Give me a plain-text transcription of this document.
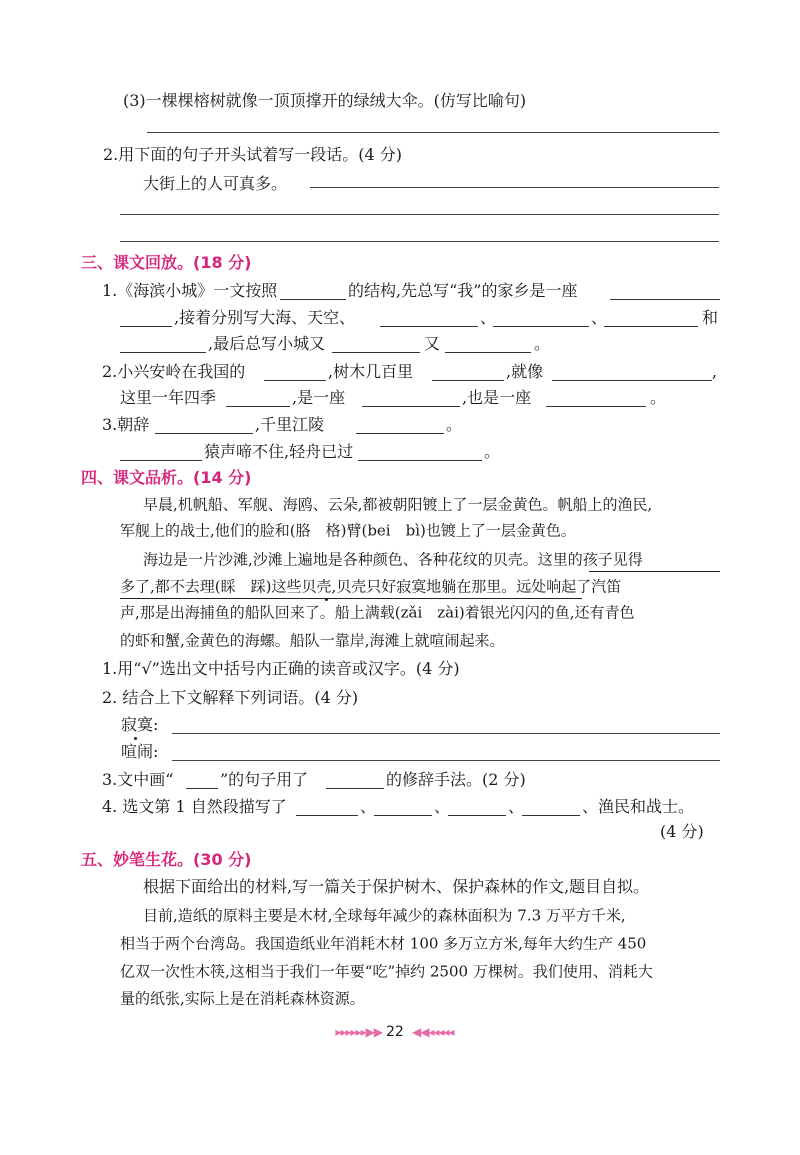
(3)一棵棵榕树就像一顶顶撑开的绿绒大伞。(仿写比喻句)
2.用下面的句子开头试着写一段话。(4 分)
大街上的人可真多。
三、课文回放。(18 分)
1.《海滨小城》一文按照	的结构,先总写“我”的家乡是一座
,接着分别写大海、天空、	、	、	和
,最后总写小城又	又	。
2.小兴安岭在我国的	,树木几百里	,就像	,
这里一年四季	,是一座	,也是一座	。
3.朝辞	,千里江陵	。
猿声啼不住,轻舟已过	。
四、课文品析。(14 分)
早晨,机帆船、军舰、海鸥、云朵,都被朝阳镀上了一层金黄色。帆船上的渔民,
军舰上的战士,他们的脸和(胳　格)臂(bei　bì)也镀上了一层金黄色。
海边是一片沙滩,沙滩上遍地是各种颜色、各种花纹的贝壳。这里的孩子见得
多了,都不去理(睬　踩)这些贝壳,贝壳只好寂寞地躺在那里。远处响起了汽笛
声,那是出海捕鱼的船队回来了。船上满载(zǎi　zài)着银光闪闪的鱼,还有青色
的虾和蟹,金黄色的海螺。船队一靠岸,海滩上就喧闹起来。
1.用“√”选出文中括号内正确的读音或汉字。(4 分)
2. 结合上下文解释下列词语。(4 分)
寂寞:
喧闹:
3.文中画“	”的句子用了	的修辞手法。(2 分)
4. 选文第 1 自然段描写了	、	、	、	、渔民和战士。
(4 分)
五、妙笔生花。(30 分)
根据下面给出的材料,写一篇关于保护树木、保护森林的作文,题目自拟。
目前,造纸的原料主要是木材,全球每年减少的森林面积为 7.3 万平方千米,
相当于两个台湾岛。我国造纸业年消耗木材 100 多万立方米,每年大约生产 450
亿双一次性木筷,这相当于我们一年要“吃”掉约 2500 万棵树。我们使用、消耗大
量的纸张,实际上是在消耗森林资源。
▸▸▸▸▸▸▶▶ 22 ◀◀◂◂◂◂◂
